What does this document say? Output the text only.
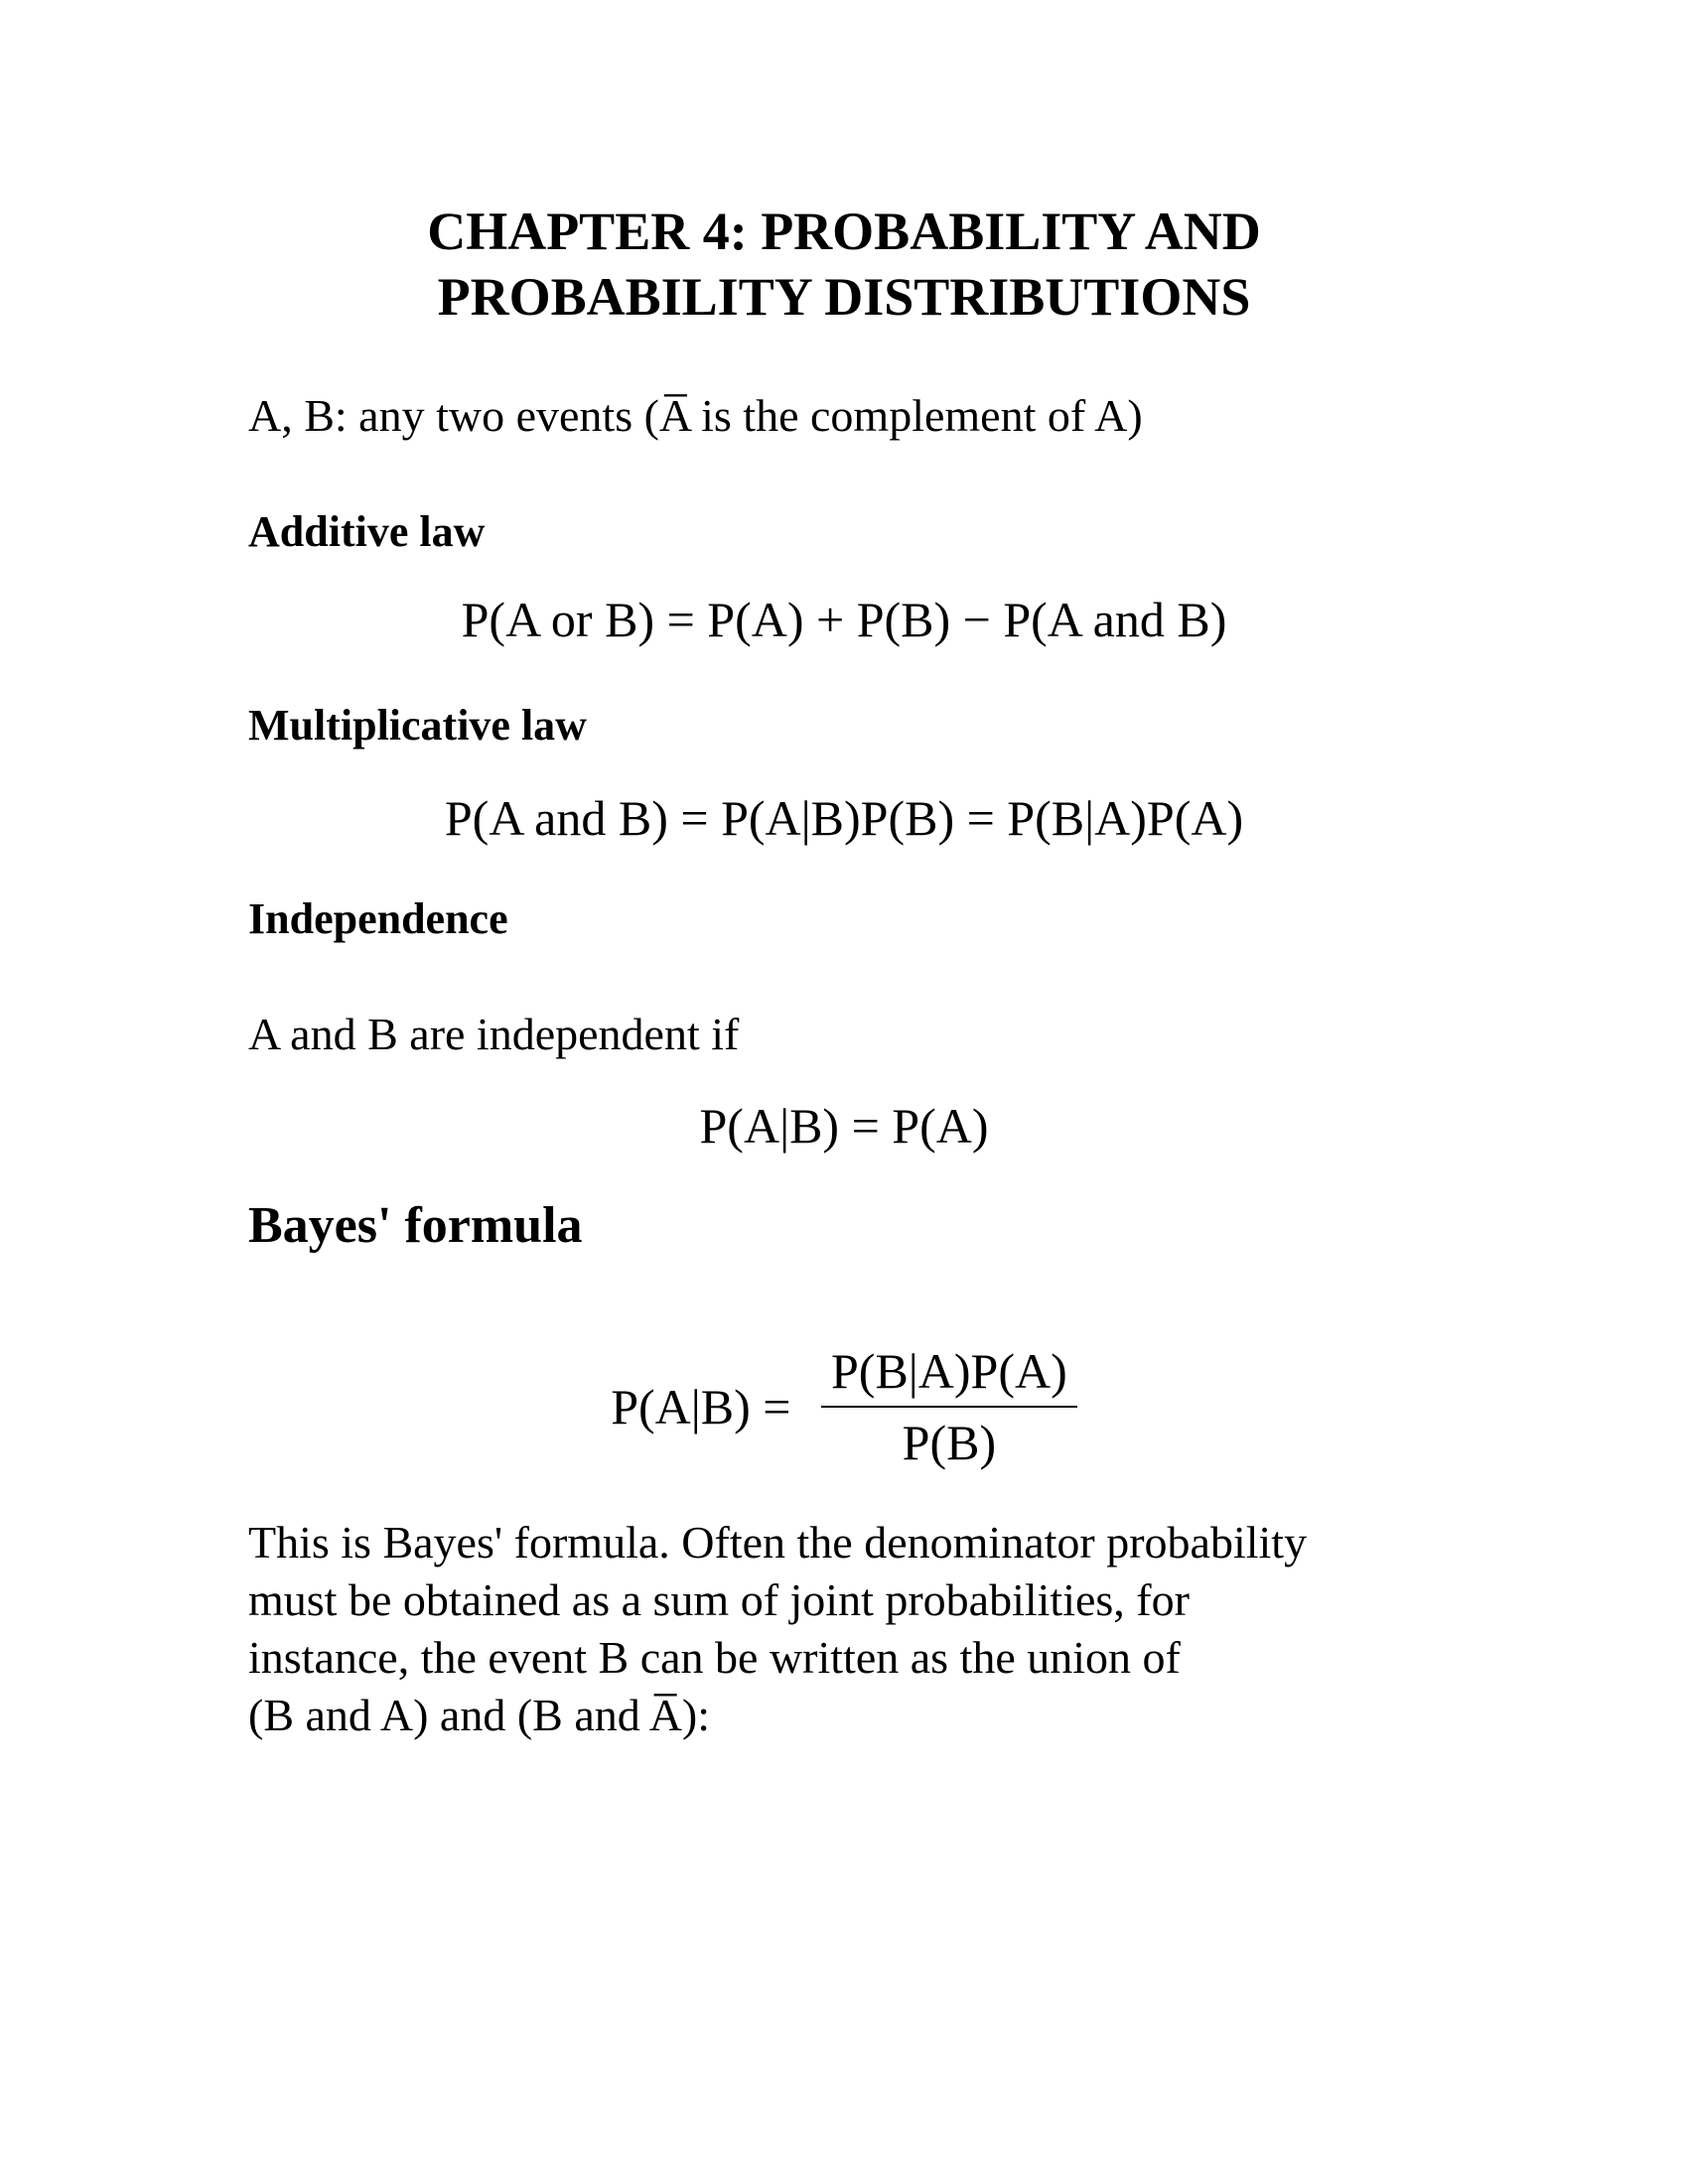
CHAPTER 4: PROBABILITY AND
PROBABILITY DISTRIBUTIONS
A, B: any two events (A̅ is the complement of A)
Additive law
P(A or B) = P(A) + P(B) − P(A and B)
Multiplicative law
P(A and B) = P(A|B)P(B) = P(B|A)P(A)
Independence
A and B are independent if
P(A|B) = P(A)
Bayes' formula
$P(A|B) = \frac{P(B|A)P(A)}{P(B)}$
This is Bayes' formula. Often the denominator probability
must be obtained as a sum of joint probabilities, for
instance, the event B can be written as the union of
(B and A) and (B and A̅):
